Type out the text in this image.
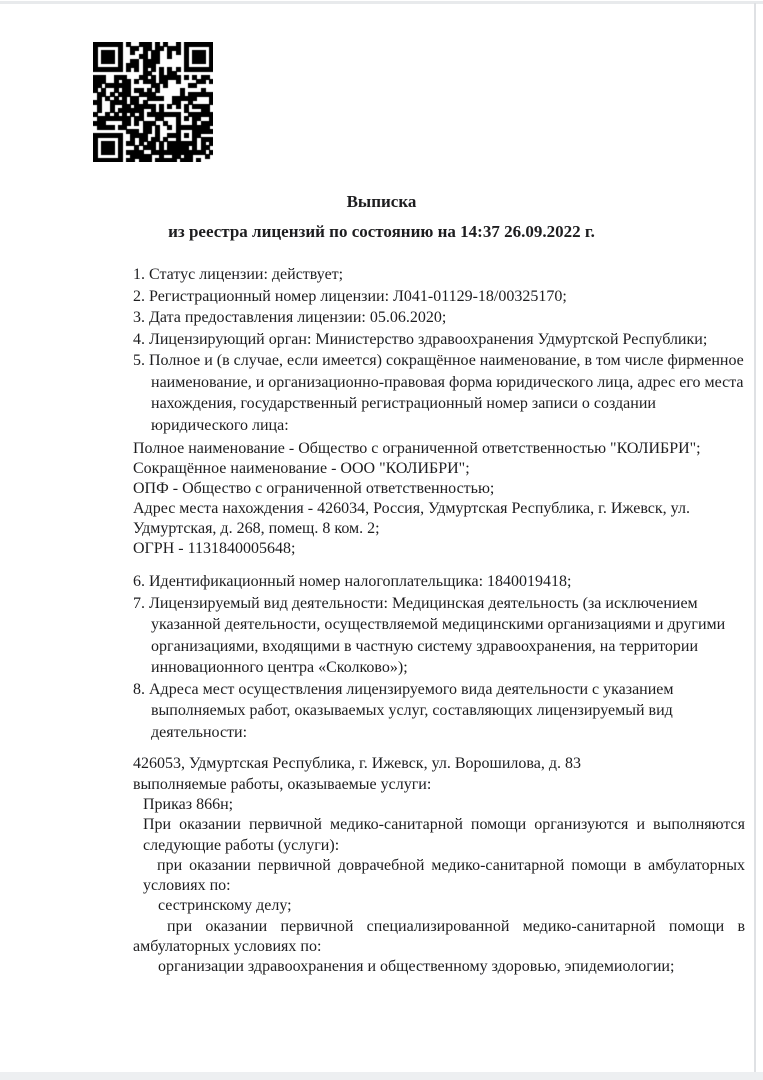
Выписка
из реестра лицензий по состоянию на 14:37 26.09.2022 г.

1. Статус лицензии: действует;

2. Регистрационный номер лицензии: Л041-01129-18/00325170;

3. Дата предоставления лицензии: 05.06.2020;

4. Лицензирующий орган: Министерство здравоохранения Удмуртской Республики;

5. Полное и (в случае, если имеется) сокращённое наименование, в том числе фирменное наименование, и организационно-правовая форма юридического лица, адрес его места нахождения, государственный регистрационный номер записи о создании юридического лица:

Полное наименование - Общество с ограниченной ответственностью "КОЛИБРИ";

Сокращённое наименование - ООО "КОЛИБРИ";

ОПФ - Общество с ограниченной ответственностью;

Адрес места нахождения - 426034, Россия, Удмуртская Республика, г. Ижевск, ул. Удмуртская, д. 268, помещ. 8 ком. 2;

ОГРН - 1131840005648;

6. Идентификационный номер налогоплательщика: 1840019418;

7. Лицензируемый вид деятельности: Медицинская деятельность (за исключением указанной деятельности, осуществляемой медицинскими организациями и другими организациями, входящими в частную систему здравоохранения, на территории инновационного центра «Сколково»);

8. Адреса мест осуществления лицензируемого вида деятельности с указанием выполняемых работ, оказываемых услуг, составляющих лицензируемый вид деятельности:

426053, Удмуртская Республика, г. Ижевск, ул. Ворошилова, д. 83

выполняемые работы, оказываемые услуги:

Приказ 866н;

При оказании первичной медико-санитарной помощи организуются и выполняются следующие работы (услуги):

при оказании первичной доврачебной медико-санитарной помощи в амбулаторных условиях по:

сестринскому делу;

при оказании первичной специализированной медико-санитарной помощи в амбулаторных условиях по:

организации здравоохранения и общественному здоровью, эпидемиологии;
